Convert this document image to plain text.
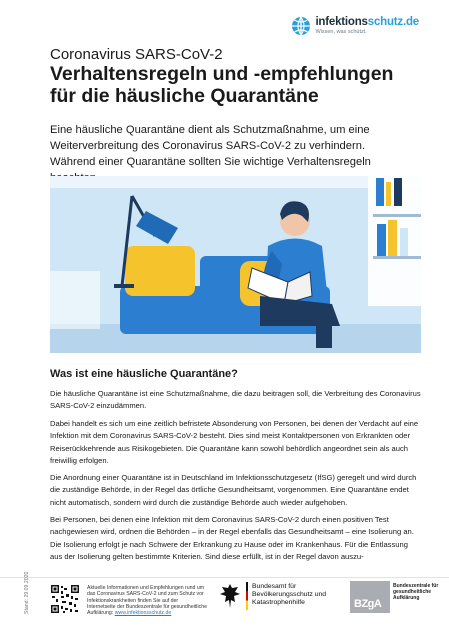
infektionsschutz.de
Wissen, was schützt.
Coronavirus SARS-CoV-2
Verhaltensregeln und -empfehlungen für die häusliche Quarantäne

Eine häusliche Quarantäne dient als Schutzmaßnahme, um eine Weiterverbreitung des Coronavirus SARS-CoV-2 zu verhindern. Während einer Quarantäne sollten Sie wichtige Verhaltensregeln

Was ist eine häusliche Quarantäne?

Die häusliche Quarantäne ist eine Schutzmaßnahme, die dazu beitragen soll, die Verbreitung des Coronavirus SARS-CoV-2 einzudämmen.

Dabei handelt es sich um eine zeitlich befristete Absonderung von Personen, bei denen der Verdacht auf eine Infektion mit dem Coronavirus SARS-CoV-2 besteht. Dies sind meist Kontaktpersonen von Erkrankten oder Reiserückkehrende aus Risikogebieten. Die Quarantäne kann sowohl behördlich angeordnet sein als auch freiwillig erfolgen.

Die Anordnung einer Quarantäne ist in Deutschland im Infektionsschutzgesetz (IfSG) geregelt und wird durch die zuständige Behörde, in der Regel das örtliche Gesundheitsamt, vorgenommen. Eine Quarantäne endet nicht automatisch, sondern wird durch die zuständige Behörde auch wieder aufgehoben.

Bei Personen, bei denen eine Infektion mit dem Coronavirus SARS-CoV-2 durch einen positiven Test nachgewiesen wird, ordnen die Behörden – in der Regel ebenfalls das Gesundheitsamt – eine Isolierung an. Die Isolierung erfolgt je nach Schwere der Erkrankung zu Hause oder im Krankenhaus. Für die Entlassung aus der Isolierung gelten bestimmte Kriterien. Sind diese erfüllt, ist in der Regel davon auszu-

Stand: 29.09.2020	Aktuelle Informationen und Empfehlungen rund um das Coronavirus SARS-CoV-2 und zum Schutz vor Infektionskrankheiten finden Sie auf der Internetseite der Bundeszentrale für gesundheitliche Aufklärung: www.infektionsschutz.de
Bundesamt für Bevölkerungsschutz und Katastrophenhilfe	BZgA
Bundeszentrale für gesundheitliche Aufklärung
